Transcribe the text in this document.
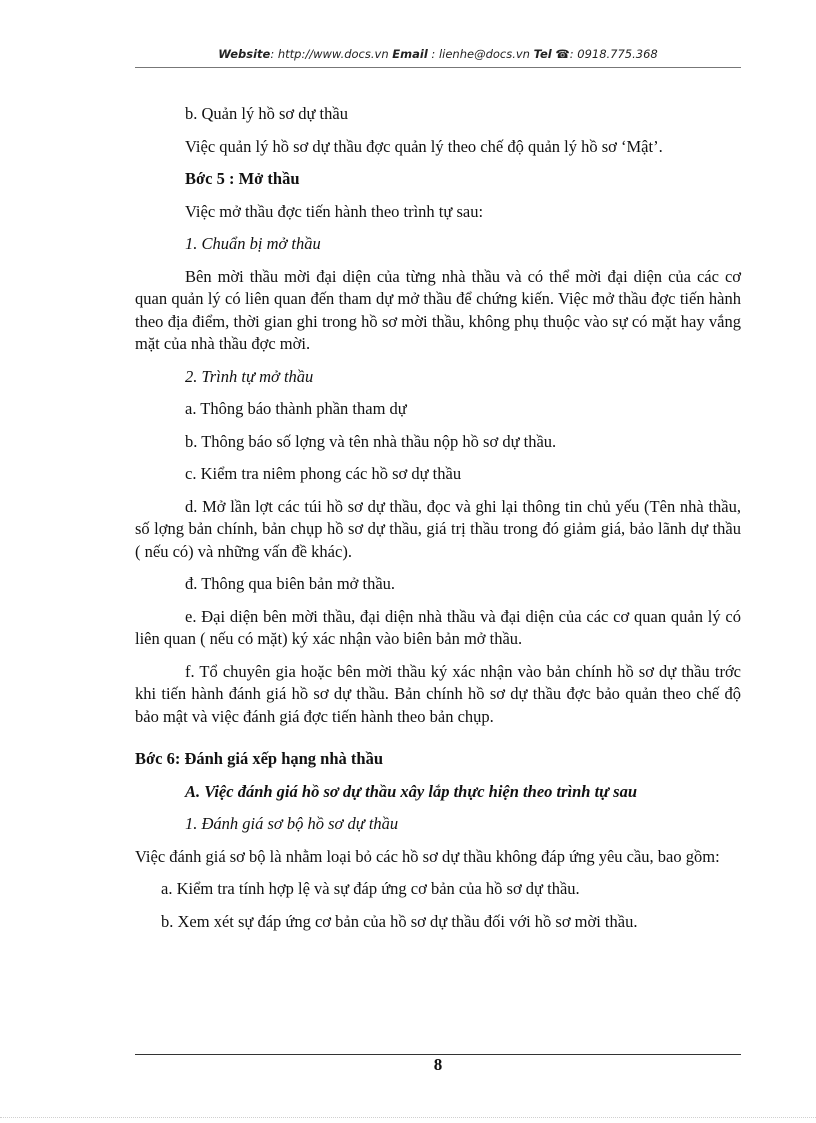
Website: http://www.docs.vn Email : lienhe@docs.vn Tel ☎: 0918.775.368

b. Quản lý hồ sơ dự thầu

Việc quản lý hồ sơ dự thầu đợc quản lý theo chế độ quản lý hồ sơ ‘Mật’.

Bớc 5 : Mở thầu

Việc mở thầu đợc tiến hành theo trình tự sau:

1. Chuẩn bị mở thầu

Bên mời thầu mời đại diện của từng nhà thầu và có thể mời đại diện của các cơ quan quản lý có liên quan đến tham dự mở thầu để chứng kiến. Việc mở thầu đợc tiến hành theo địa điểm, thời gian ghi trong hồ sơ mời thầu, không phụ thuộc vào sự có mặt hay vắng mặt của nhà thầu đợc mời.

2. Trình tự mở thầu

a. Thông báo thành phần tham dự

b. Thông báo số lợng và tên nhà thầu nộp hồ sơ dự thầu.

c. Kiểm tra niêm phong các hồ sơ dự thầu

d. Mở lần lợt các túi hồ sơ dự thầu, đọc và ghi lại thông tin chủ yếu (Tên nhà thầu, số lợng bản chính, bản chụp hồ sơ dự thầu, giá trị thầu trong đó giảm giá, bảo lãnh dự thầu ( nếu có) và những vấn đề khác).

đ. Thông qua biên bản mở thầu.

e. Đại diện bên mời thầu, đại diện nhà thầu và đại diện của các cơ quan quản lý có liên quan ( nếu có mặt) ký xác nhận vào biên bản mở thầu.

f. Tổ chuyên gia hoặc bên mời thầu ký xác nhận vào bản chính hồ sơ dự thầu trớc khi tiến hành đánh giá hồ sơ dự thầu. Bản chính hồ sơ dự thầu đợc bảo quản theo chế độ bảo mật và việc đánh giá đợc tiến hành theo bản chụp.

Bớc 6: Đánh giá xếp hạng nhà thầu

A. Việc đánh giá hồ sơ dự thầu xây lắp thực hiện theo trình tự sau

1. Đánh giá sơ bộ hồ sơ dự thầu

Việc đánh giá sơ bộ là nhằm loại bỏ các hồ sơ dự thầu không đáp ứng yêu cầu, bao gồm:

a. Kiểm tra tính hợp lệ và sự đáp ứng cơ bản của hồ sơ dự thầu.

b. Xem xét sự đáp ứng cơ bản của hồ sơ dự thầu đối với hồ sơ mời thầu.

8
